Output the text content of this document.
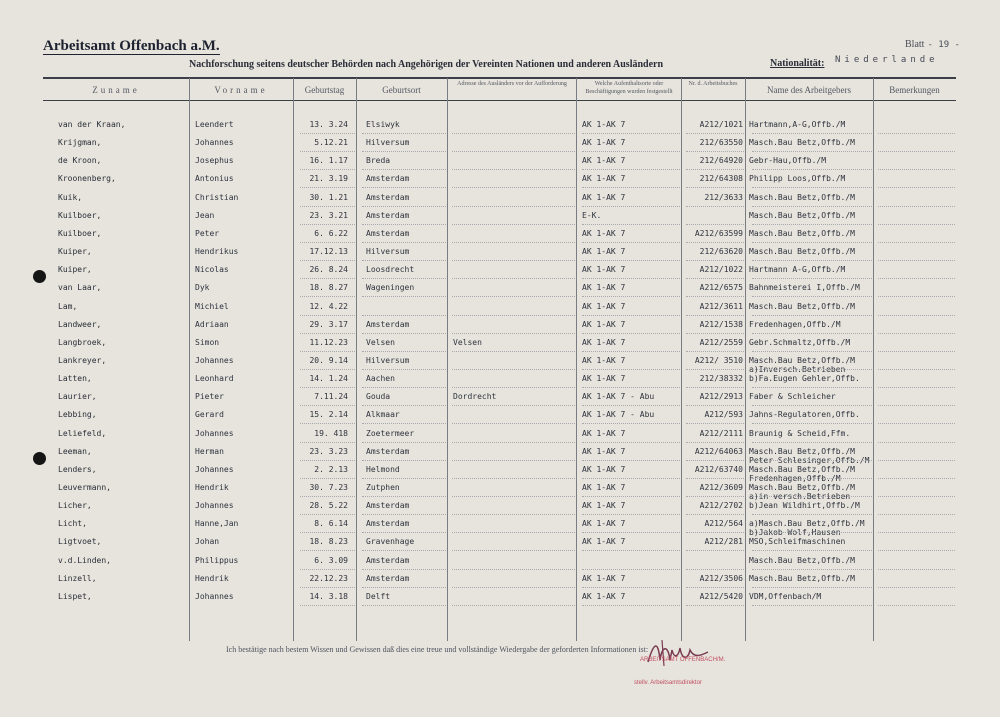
Arbeitsamt Offenbach a.M.
Nachforschung seitens deutscher Behörden nach Angehörigen der Vereinten Nationen und anderen Ausländern	Nationalität: Niederlande
Blatt - 19 -
Zuname	Vorname	Geburtstag	Geburtsort
Adresse des Ausländers vor der Aufforderung	Welche Aufenthaltsorte oder Beschäftigungen wurden festgestellt
Nr. d. Arbeitsbuches
Name des Arbeitgebers	Bemerkungen
van der Kraan,	Leendert	13. 3.24 Elsiwyk	AK 1-AK 7	A212/1021 Hartmann,A-G,Offb./M
Krijgman,	Johannes	5.12.21 Hilversum	AK 1-AK 7	212/63550 Masch.Bau Betz,Offb./M
de Kroon,	Josephus	16. 1.17 Breda	AK 1-AK 7	212/64920 Gebr-Hau,Offb./M
Kroonenberg,	Antonius	21. 3.19 Amsterdam	AK 1-AK 7	212/64308 Philipp Loos,Offb./M
Kuik,	Christian	30. 1.21 Amsterdam	AK 1-AK 7	212/3633 Masch.Bau Betz,Offb./M
Kuilboer,	Jean	23. 3.21 Amsterdam	E-K.	Masch.Bau Betz,Offb./M
Kuilboer,	Peter	6. 6.22 Amsterdam	AK 1-AK 7	A212/63599 Masch.Bau Betz,Offb./M
Kuiper,	Hendrikus	17.12.13 Hilversum	AK 1-AK 7	212/63620 Masch.Bau Betz,Offb./M
Kuiper,	Nicolas	26. 8.24 Loosdrecht	AK 1-AK 7	A212/1022 Hartmann A-G,Offb./M
van Laar,	Dyk	18. 8.27 Wageningen	AK 1-AK 7	A212/6575 Bahnmeisterei I,Offb./M
Lam,	Michiel	12. 4.22	AK 1-AK 7	A212/3611 Masch.Bau Betz,Offb./M
Landweer,	Adriaan	29. 3.17 Amsterdam	AK 1-AK 7	A212/1538 Fredenhagen,Offb./M
Langbroek,	Simon	11.12.23 Velsen	Velsen	AK 1-AK 7	A212/2559 Gebr.Schmaltz,Offb./M
Lankreyer,	Johannes	20. 9.14 Hilversum	AK 1-AK 7	A212/ 3510 Masch.Bau Betz,Offb./M
a)Inversch.Betrieben
Latten,	Leonhard	14. 1.24 Aachen	AK 1-AK 7	212/38332 b)Fa.Eugen Gehler,Offb.
Laurier,	Pieter	7.11.24 Gouda	Dordrecht	AK 1-AK 7 - Abu	A212/2913 Faber & Schleicher
Lebbing,	Gerard	15. 2.14 Alkmaar	AK 1-AK 7 - Abu	A212/593 Jahns-Regulatoren,Offb.
Leliefeld,	Johannes	19. 418 Zoetermeer	AK 1-AK 7	A212/2111 Braunig & Scheid,Ffm.
Leeman,	Herman	23. 3.23 Amsterdam	AK 1-AK 7	A212/64063 Masch.Bau Betz,Offb./M
Peter Schlesinger,Offb./M
Lenders,	Johannes	2. 2.13 Helmond	AK 1-AK 7	A212/63740 Masch.Bau Betz,Offb./M
Fredenhagen,Offb./M
Leuvermann,	Hendrik	30. 7.23 Zutphen	AK 1-AK 7	A212/3609 Masch.Bau Betz,Offb./M
a)in versch.Betrieben
Licher,	Johannes	28. 5.22 Amsterdam	AK 1-AK 7	A212/2702 b)Jean Wildhirt,Offb./M
Licht,	Hanne,Jan	8. 6.14 Amsterdam	AK 1-AK 7	A212/564 a)Masch.Bau Betz,Offb./M
b)Jakob Wolf,Hausen
Ligtvoet,	Johan	18. 8.23 Gravenhage	AK 1-AK 7	A212/281 MSO,Schleifmaschinen
v.d.Linden,	Philippus	6. 3.09 Amsterdam	Masch.Bau Betz,Offb./M
Linzell,	Hendrik	22.12.23 Amsterdam	AK 1-AK 7	A212/3506 Masch.Bau Betz,Offb./M
Lispet,	Johannes	14. 3.18 Delft	AK 1-AK 7	A212/5420 VDM,Offenbach/M
Ich bestätige nach bestem Wissen und Gewissen daß dies eine treue und vollständige Wiedergabe der geforderten Informationen ist:
ARBEITSAMT OFFENBACH/M.
stellv. Arbeitsamtsdirektor
